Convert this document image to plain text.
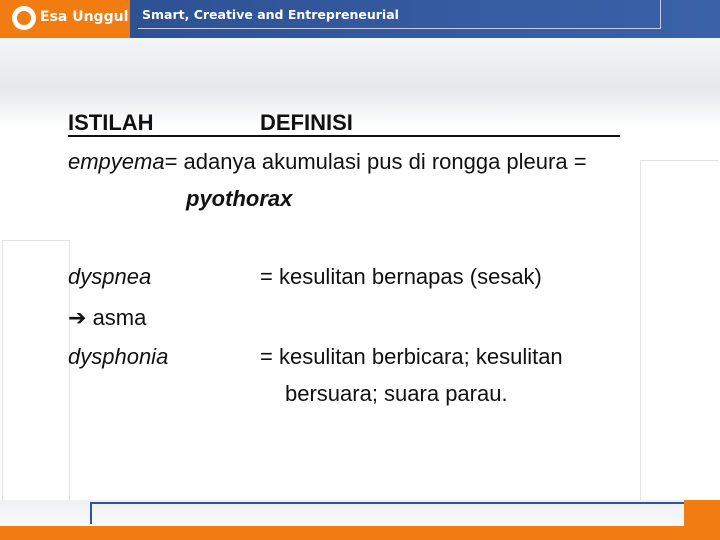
Esa Unggul Smart, Creative and Entrepreneurial
ISTILAH	DEFINISI
empyema= adanya akumulasi pus di rongga pleura =
pyothorax
dyspnea	= kesulitan bernapas (sesak)
➔ asma
dysphonia	= kesulitan berbicara; kesulitan
bersuara; suara parau.
